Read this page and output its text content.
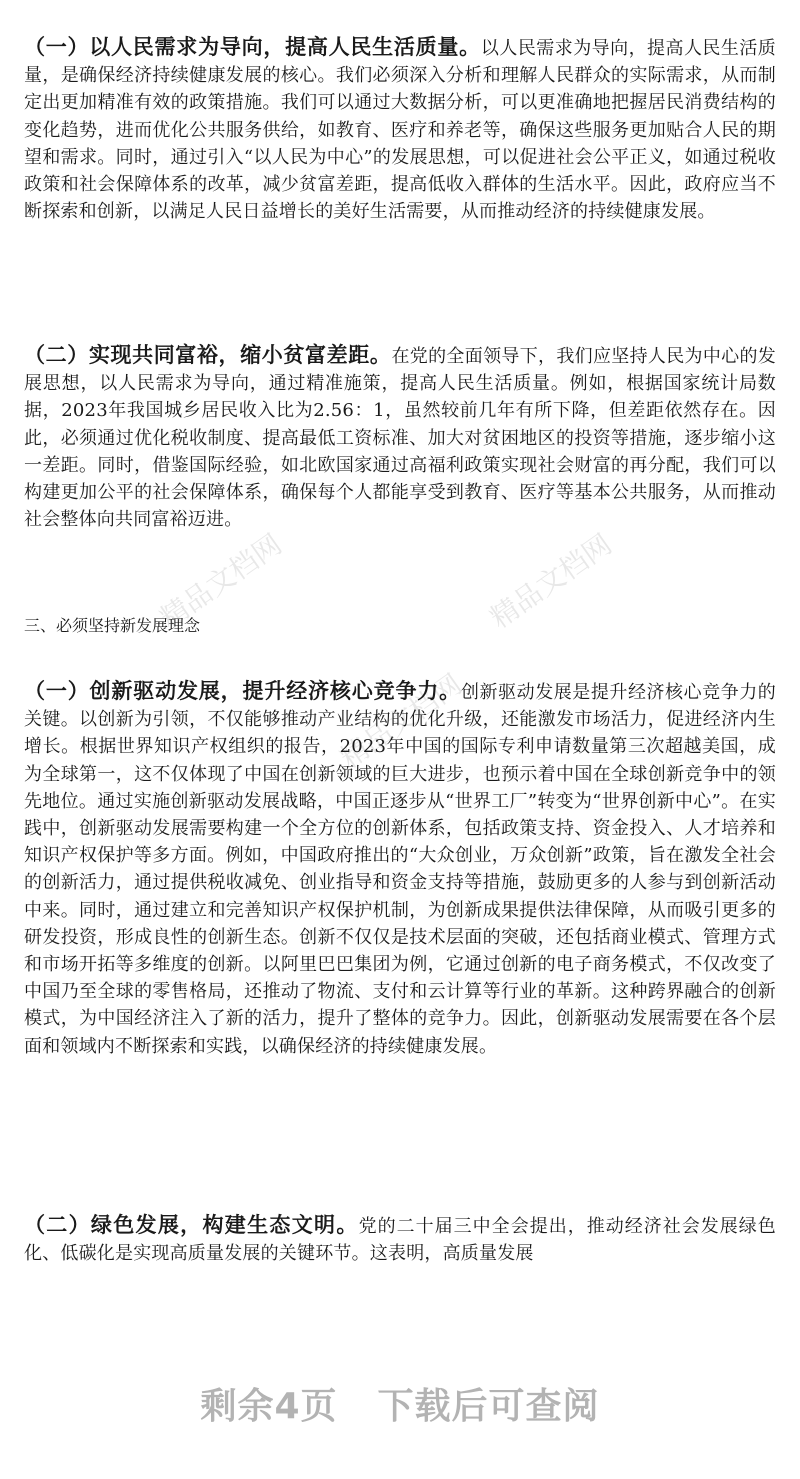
精品文档网	精品文档网
精品文档网

（一）以人民需求为导向，提高人民生活质量。以人民需求为导向，提高人民生活质量，是确保经济持续健康发展的核心。我们必须深入分析和理解人民群众的实际需求，从而制定出更加精准有效的政策措施。我们可以通过大数据分析，可以更准确地把握居民消费结构的变化趋势，进而优化公共服务供给，如教育、医疗和养老等，确保这些服务更加贴合人民的期望和需求。同时，通过引入“以人民为中心”的发展思想，可以促进社会公平正义，如通过税收政策和社会保障体系的改革，减少贫富差距，提高低收入群体的生活水平。因此，政府应当不断探索和创新，以满足人民日益增长的美好生活需要，从而推动经济的持续健康发展。

（二）实现共同富裕，缩小贫富差距。在党的全面领导下，我们应坚持人民为中心的发展思想，以人民需求为导向，通过精准施策，提高人民生活质量。例如，根据国家统计局数据，2023年我国城乡居民收入比为2.56：1，虽然较前几年有所下降，但差距依然存在。因此，必须通过优化税收制度、提高最低工资标准、加大对贫困地区的投资等措施，逐步缩小这一差距。同时，借鉴国际经验，如北欧国家通过高福利政策实现社会财富的再分配，我们可以构建更加公平的社会保障体系，确保每个人都能享受到教育、医疗等基本公共服务，从而推动社会整体向共同富裕迈进。

三、必须坚持新发展理念

（一）创新驱动发展，提升经济核心竞争力。创新驱动发展是提升经济核心竞争力的关键。以创新为引领，不仅能够推动产业结构的优化升级，还能激发市场活力，促进经济内生增长。根据世界知识产权组织的报告，2023年中国的国际专利申请数量第三次超越美国，成为全球第一，这不仅体现了中国在创新领域的巨大进步，也预示着中国在全球创新竞争中的领先地位。通过实施创新驱动发展战略，中国正逐步从“世界工厂”转变为“世界创新中心”。在实践中，创新驱动发展需要构建一个全方位的创新体系，包括政策支持、资金投入、人才培养和知识产权保护等多方面。例如，中国政府推出的“大众创业，万众创新”政策，旨在激发全社会的创新活力，通过提供税收减免、创业指导和资金支持等措施，鼓励更多的人参与到创新活动中来。同时，通过建立和完善知识产权保护机制，为创新成果提供法律保障，从而吸引更多的研发投资，形成良性的创新生态。创新不仅仅是技术层面的突破，还包括商业模式、管理方式和市场开拓等多维度的创新。以阿里巴巴集团为例，它通过创新的电子商务模式，不仅改变了中国乃至全球的零售格局，还推动了物流、支付和云计算等行业的革新。这种跨界融合的创新模式，为中国经济注入了新的活力，提升了整体的竞争力。因此，创新驱动发展需要在各个层面和领域内不断探索和实践，以确保经济的持续健康发展。

（二）绿色发展，构建生态文明。党的二十届三中全会提出，推动经济社会发展绿色化、低碳化是实现高质量发展的关键环节。这表明，高质量发展

剩余4页 下载后可查阅
